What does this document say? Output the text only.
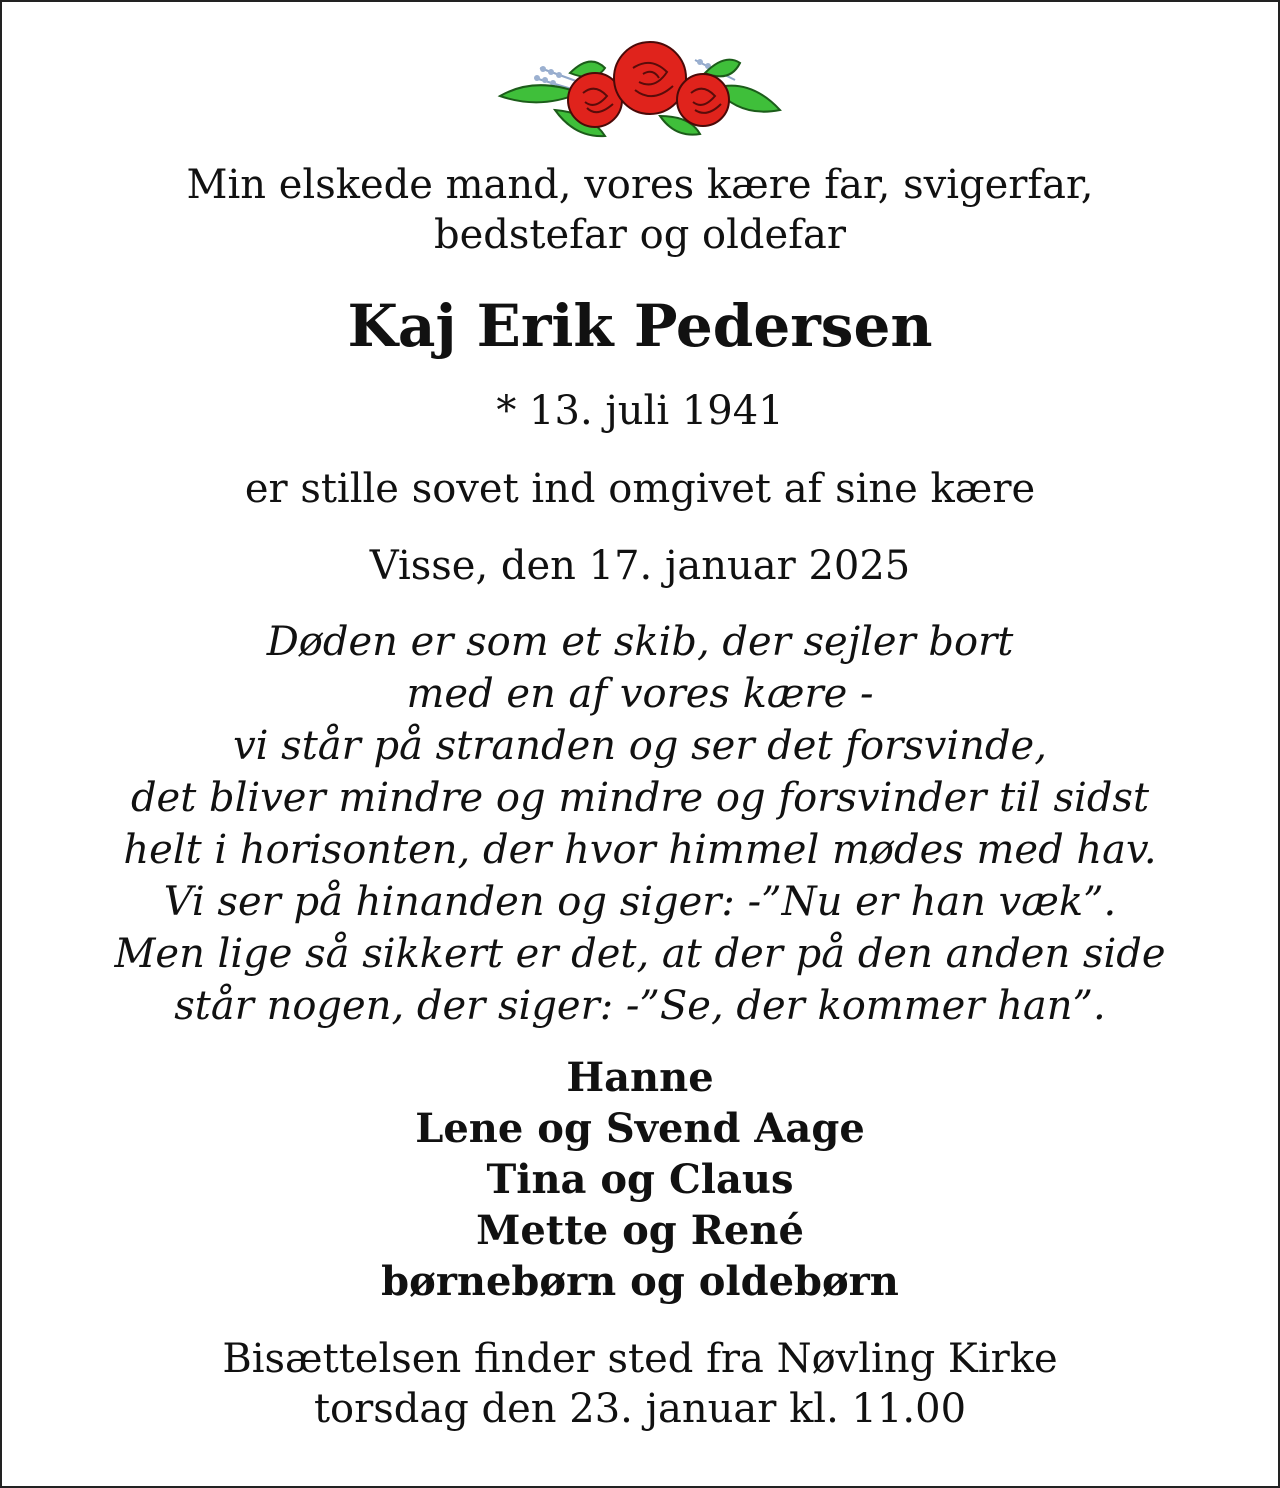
Min elskede mand, vores kære far, svigerfar,
bedstefar og oldefar
Kaj Erik Pedersen
* 13. juli 1941
er stille sovet ind omgivet af sine kære
Visse, den 17. januar 2025
Døden er som et skib, der sejler bort
med en af vores kære -
vi står på stranden og ser det forsvinde,
det bliver mindre og mindre og forsvinder til sidst
helt i horisonten, der hvor himmel mødes med hav.
Vi ser på hinanden og siger: -”Nu er han væk”.
Men lige så sikkert er det, at der på den anden side
står nogen, der siger: -”Se, der kommer han”.
Hanne
Lene og Svend Aage
Tina og Claus
Mette og René
børnebørn og oldebørn
Bisættelsen finder sted fra Nøvling Kirke
torsdag den 23. januar kl. 11.00
